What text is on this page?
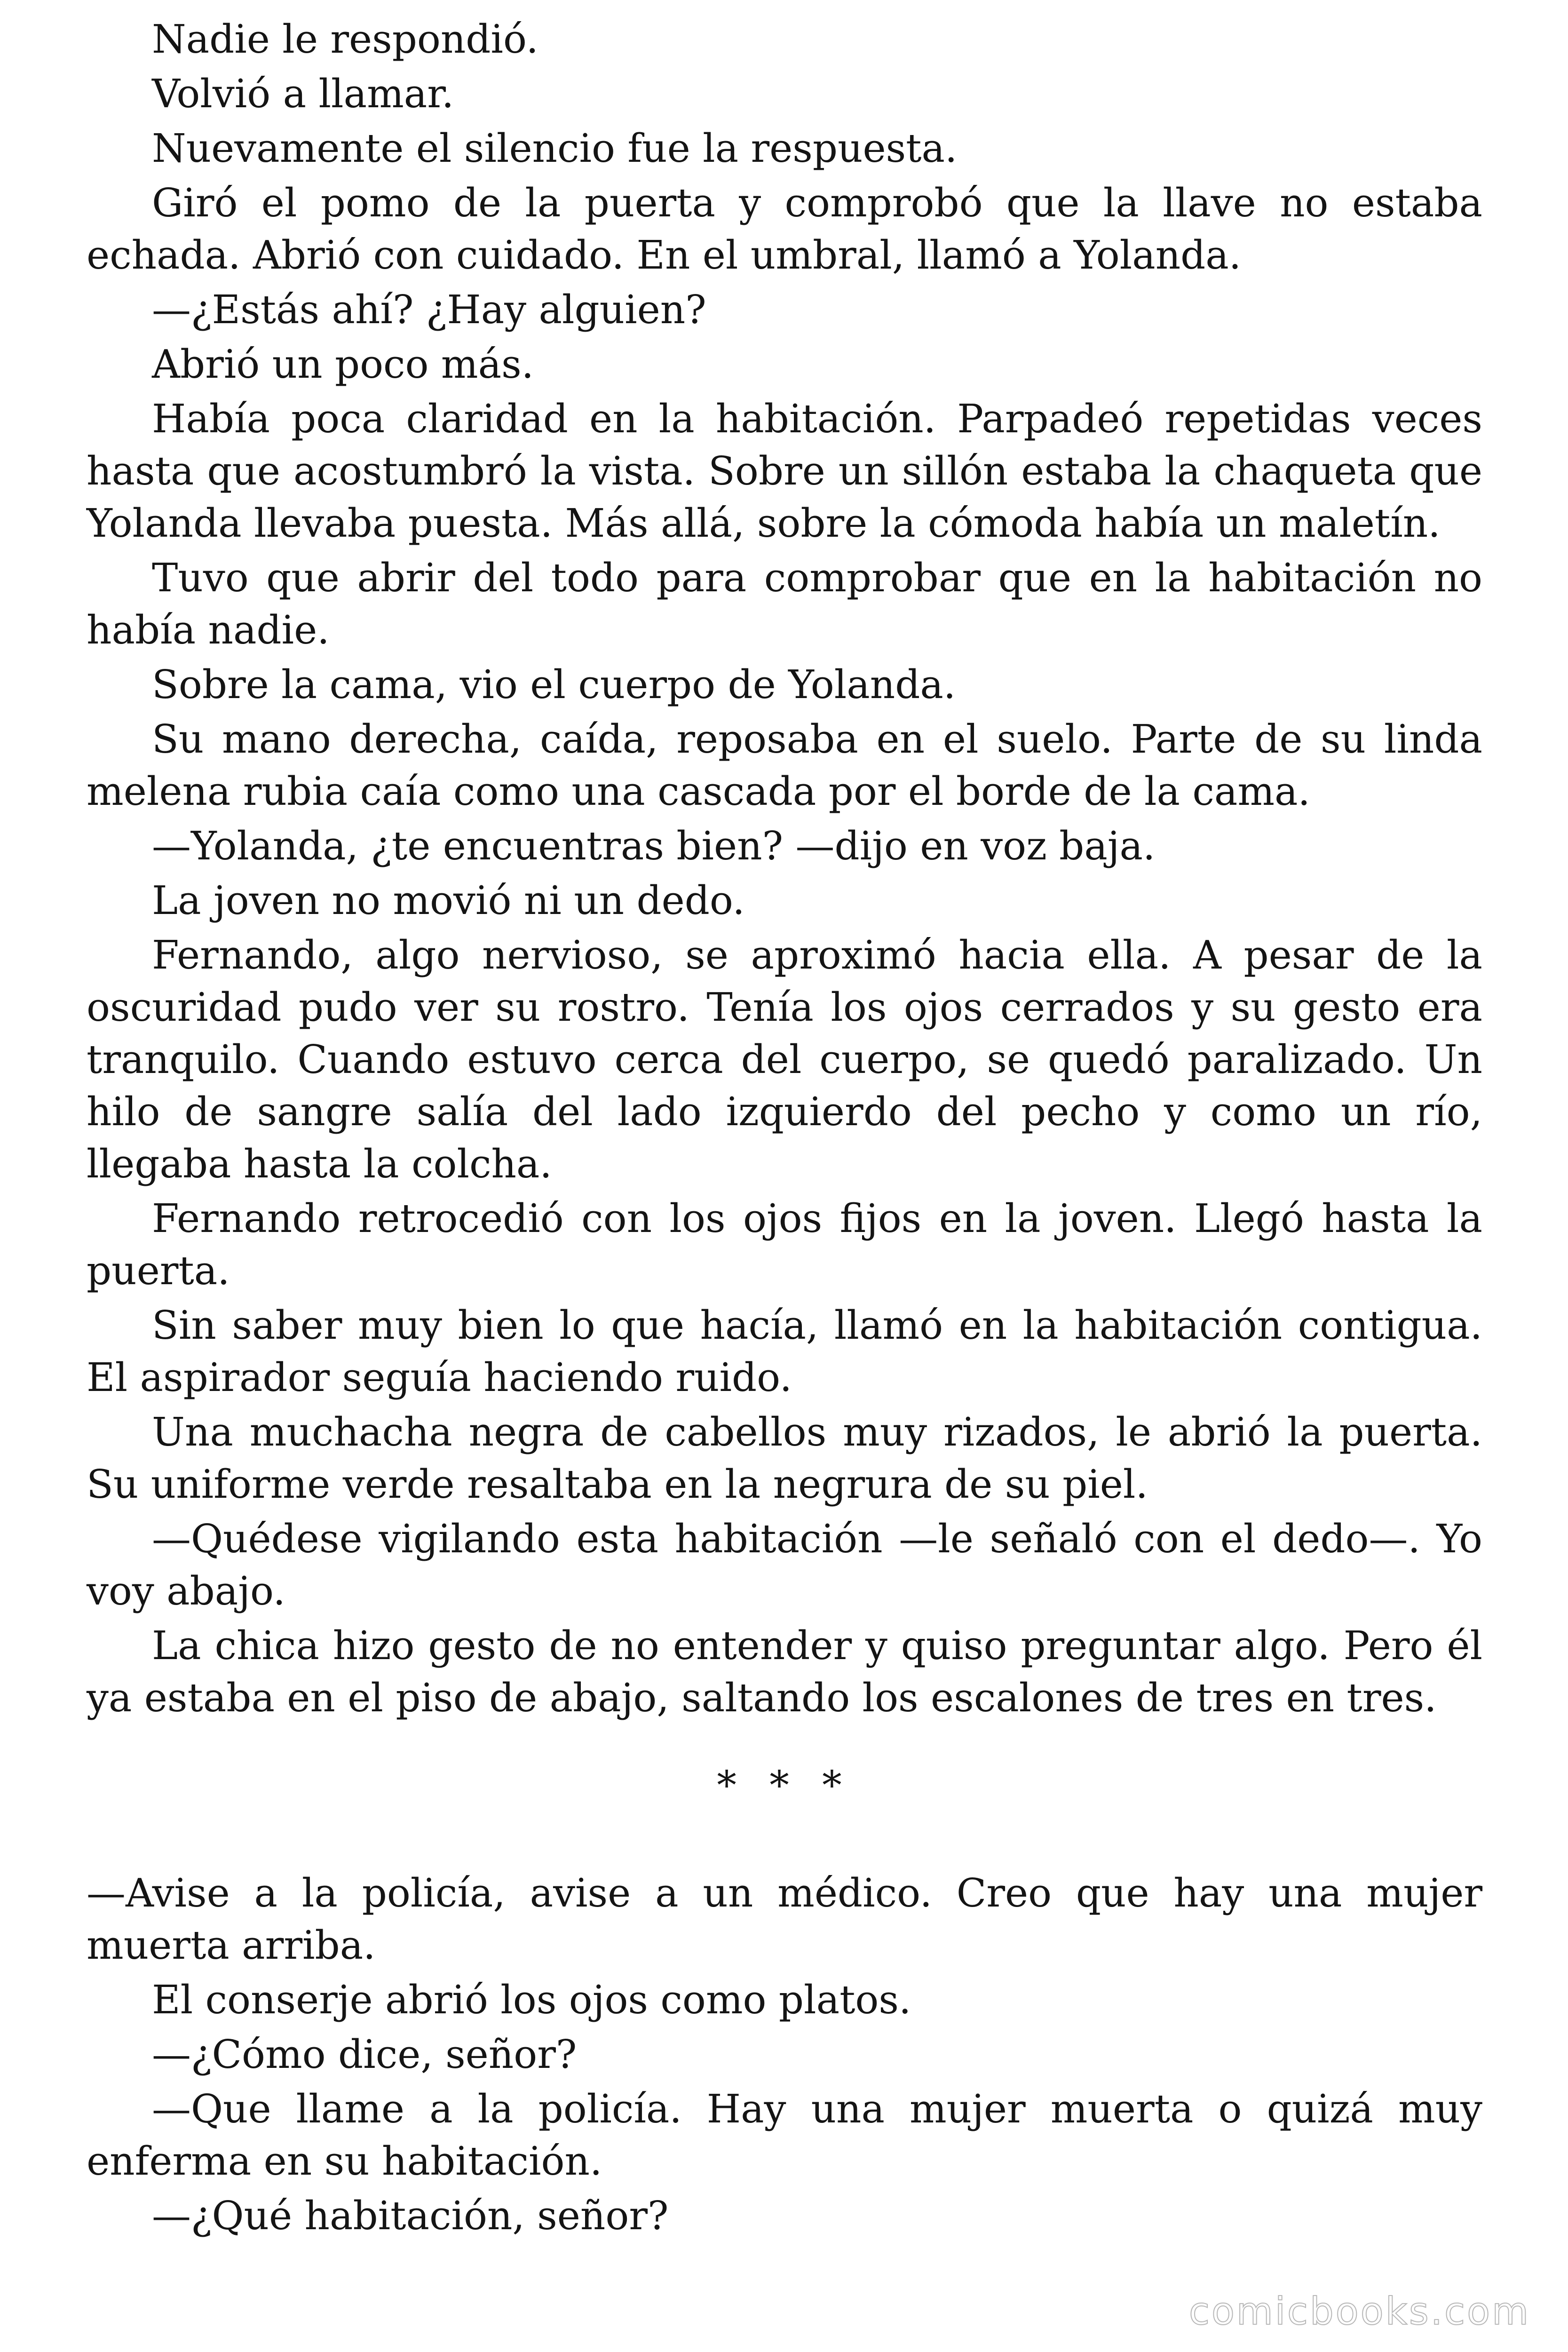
Nadie le respondió.

Volvió a llamar.

Nuevamente el silencio fue la respuesta.

Giró el pomo de la puerta y comprobó que la llave no estaba echada. Abrió con cuidado. En el umbral, llamó a Yolanda.

—¿Estás ahí? ¿Hay alguien?

Abrió un poco más.

Había poca claridad en la habitación. Parpadeó repetidas veces hasta que acostumbró la vista. Sobre un sillón estaba la chaqueta que Yolanda llevaba puesta. Más allá, sobre la cómoda había un maletín.

Tuvo que abrir del todo para comprobar que en la habitación no había nadie.

Sobre la cama, vio el cuerpo de Yolanda.

Su mano derecha, caída, reposaba en el suelo. Parte de su linda melena rubia caía como una cascada por el borde de la cama.

—Yolanda, ¿te encuentras bien? —dijo en voz baja.

La joven no movió ni un dedo.

Fernando, algo nervioso, se aproximó hacia ella. A pesar de la oscuridad pudo ver su rostro. Tenía los ojos cerrados y su gesto era tranquilo. Cuando estuvo cerca del cuerpo, se quedó paralizado. Un hilo de sangre salía del lado izquierdo del pecho y como un río, llegaba hasta la colcha.

Fernando retrocedió con los ojos fijos en la joven. Llegó hasta la puerta.

Sin saber muy bien lo que hacía, llamó en la habitación contigua. El aspirador seguía haciendo ruido.

Una muchacha negra de cabellos muy rizados, le abrió la puerta. Su uniforme verde resaltaba en la negrura de su piel.

—Quédese vigilando esta habitación —le señaló con el dedo—. Yo voy abajo.

La chica hizo gesto de no entender y quiso preguntar algo. Pero él ya estaba en el piso de abajo, saltando los escalones de tres en tres.

* * *

—Avise a la policía, avise a un médico. Creo que hay una mujer muerta arriba.

El conserje abrió los ojos como platos.

—¿Cómo dice, señor?

—Que llame a la policía. Hay una mujer muerta o quizá muy enferma en su habitación.

—¿Qué habitación, señor?

comicbooks.com
